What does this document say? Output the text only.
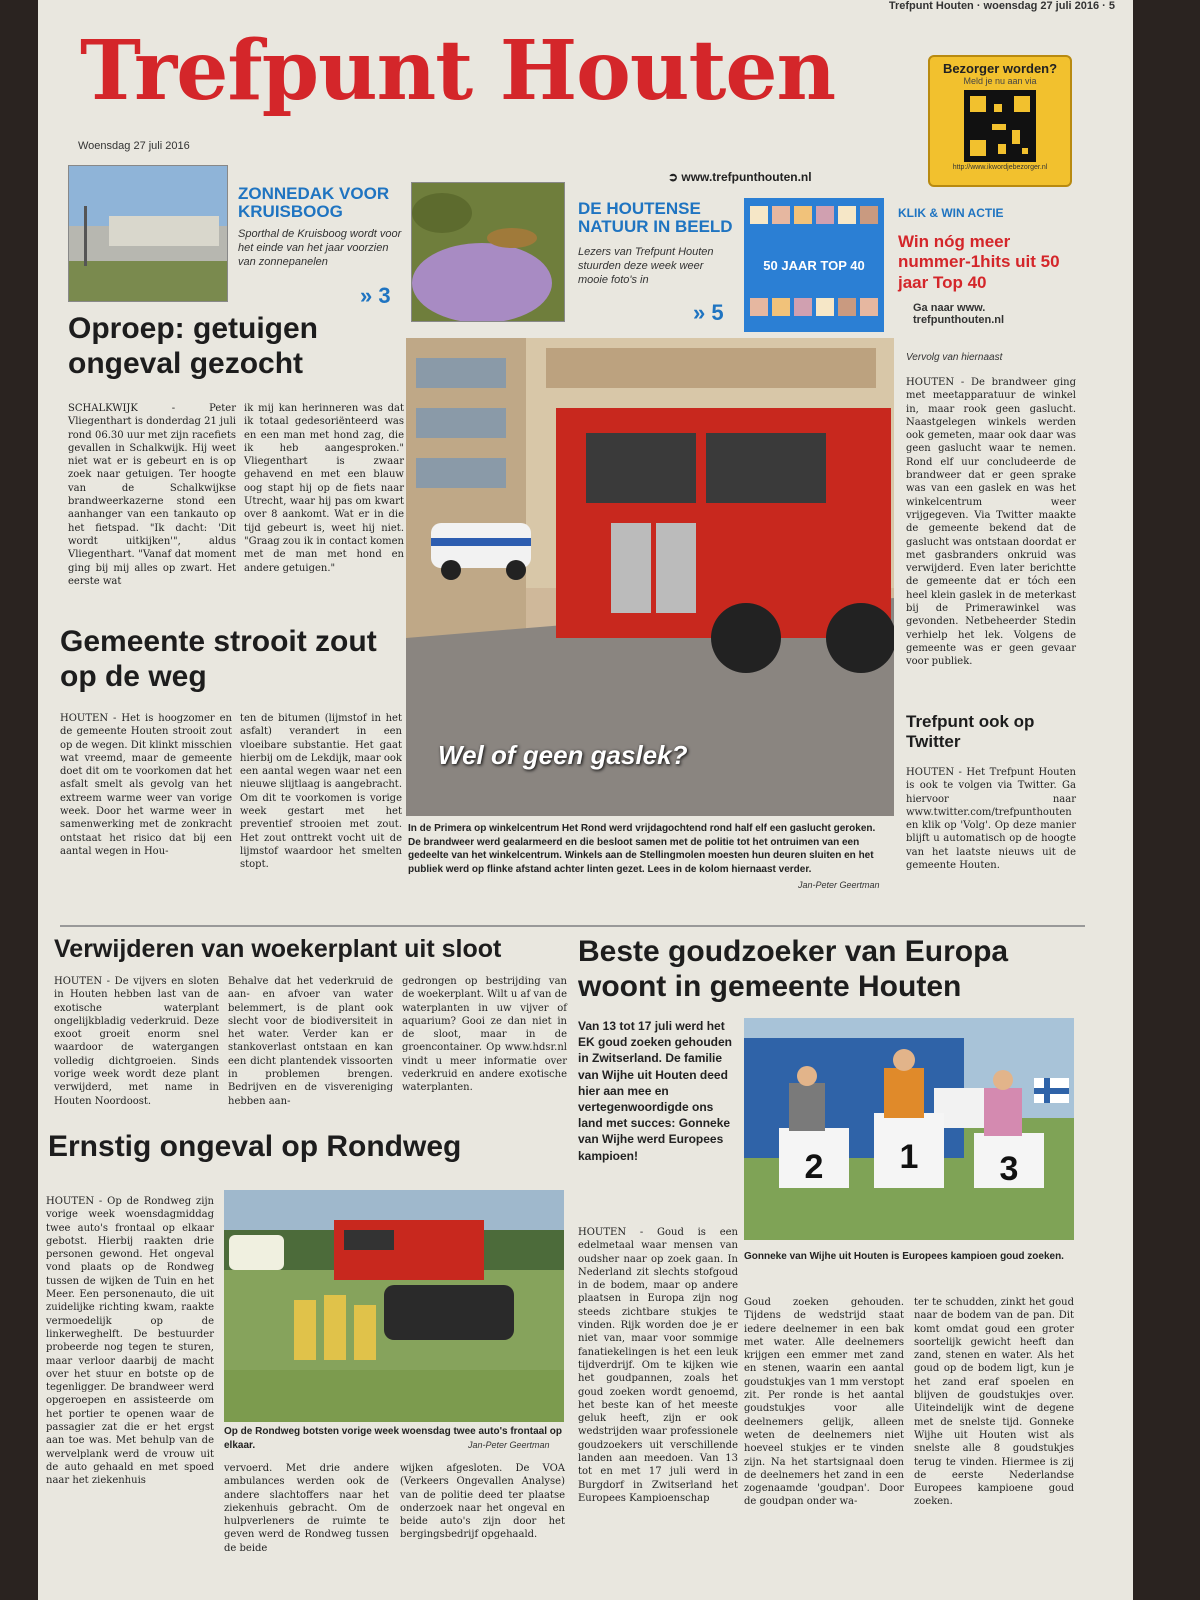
Trefpunt Houten · woensdag 27 juli 2016 · 5
Trefpunt Houten
Woensdag 27 juli 2016
➲ www.trefpunthouten.nl
Bezorger worden?
Meld je nu aan via
http://www.ikwordjebezorger.nl
ZONNEDAK VOOR KRUISBOOG
Sporthal de Kruisboog wordt voor het einde van het jaar voorzien van zonnepanelen
» 3
DE HOUTENSE NATUUR IN BEELD
Lezers van Trefpunt Houten stuurden deze week weer mooie foto's in
» 5
50 JAAR TOP 40
KLIK & WIN ACTIE
Win nóg meer nummer-1hits uit 50 jaar Top 40
Ga naar www. trefpunthouten.nl
Oproep: getuigen ongeval gezocht
SCHALKWIJK - Peter Vliegenthart is donderdag 21 juli rond 06.30 uur met zijn racefiets gevallen in Schalkwijk. Hij weet niet wat er is gebeurt en is op zoek naar getuigen. Ter hoogte van de Schalkwijkse brandweerkazerne stond een aanhanger van een tankauto op het fietspad. "Ik dacht: 'Dit wordt uitkijken'", aldus Vliegenthart. "Vanaf dat moment ging bij mij alles op zwart. Het eerste wat
ik mij kan herinneren was dat ik totaal gedesoriënteerd was en een man met hond zag, die ik heb aangesproken." Vliegenthart is zwaar gehavend en met een blauw oog stapt hij op de fiets naar Utrecht, waar hij pas om kwart over 8 aankomt. Wat er in die tijd gebeurt is, weet hij niet. "Graag zou ik in contact komen met de man met hond en andere getuigen."
Gemeente strooit zout op de weg
HOUTEN - Het is hoogzomer en de gemeente Houten strooit zout op de wegen. Dit klinkt misschien wat vreemd, maar de gemeente doet dit om te voorkomen dat het asfalt smelt als gevolg van het extreem warme weer van vorige week. Door het warme weer in samenwerking met de zonkracht ontstaat het risico dat bij een aantal wegen in Hou-
ten de bitumen (lijmstof in het asfalt) verandert in een vloeibare substantie. Het gaat hierbij om de Lekdijk, maar ook een aantal wegen waar net een nieuwe slijtlaag is aangebracht. Om dit te voorkomen is vorige week gestart met het preventief strooien met zout. Het zout onttrekt vocht uit de lijmstof waardoor het smelten stopt.
Wel of geen gaslek?
In de Primera op winkelcentrum Het Rond werd vrijdagochtend rond half elf een gaslucht geroken. De brandweer werd gealarmeerd en die besloot samen met de politie tot het ontruimen van een gedeelte van het winkelcentrum. Winkels aan de Stellingmolen moesten hun deuren sluiten en het publiek werd op flinke afstand achter linten gezet. Lees in de kolom hiernaast verder.
Jan-Peter Geertman
Vervolg van hiernaast
HOUTEN - De brandweer ging met meetapparatuur de winkel in, maar rook geen gaslucht. Naastgelegen winkels werden ook gemeten, maar ook daar was geen gaslucht waar te nemen. Rond elf uur concludeerde de brandweer dat er geen sprake was van een gaslek en was het winkelcentrum weer vrijgegeven. Via Twitter maakte de gemeente bekend dat de gaslucht was ontstaan doordat er met gasbranders onkruid was verwijderd. Even later berichtte de gemeente dat er tóch een heel klein gaslek in de meterkast bij de Primerawinkel was gevonden. Netbeheerder Stedin verhielp het lek. Volgens de gemeente was er geen gevaar voor publiek.
Trefpunt ook op Twitter
HOUTEN - Het Trefpunt Houten is ook te volgen via Twitter. Ga hiervoor naar www.twitter.com/trefpunthouten en klik op 'Volg'. Op deze manier blijft u automatisch op de hoogte van het laatste nieuws uit de gemeente Houten.
Verwijderen van woekerplant uit sloot
HOUTEN - De vijvers en sloten in Houten hebben last van de exotische waterplant ongelijkbladig vederkruid. Deze exoot groeit enorm snel waardoor de watergangen volledig dichtgroeien. Sinds vorige week wordt deze plant verwijderd, met name in Houten Noordoost.
Behalve dat het vederkruid de aan- en afvoer van water belemmert, is de plant ook slecht voor de biodiversiteit in het water. Verder kan er stankoverlast ontstaan en kan een dicht plantendek vissoorten in problemen brengen. Bedrijven en de visvereniging hebben aan-
gedrongen op bestrijding van de woekerplant. Wilt u af van de waterplanten in uw vijver of aquarium? Gooi ze dan niet in de sloot, maar in de groencontainer. Op www.hdsr.nl vindt u meer informatie over vederkruid en andere exotische waterplanten.
Ernstig ongeval op Rondweg
HOUTEN - Op de Rondweg zijn vorige week woensdagmiddag twee auto's frontaal op elkaar gebotst. Hierbij raakten drie personen gewond. Het ongeval vond plaats op de Rondweg tussen de wijken de Tuin en het Meer. Een personenauto, die uit zuidelijke richting kwam, raakte vermoedelijk op de linkerweghelft. De bestuurder probeerde nog tegen te sturen, maar verloor daarbij de macht over het stuur en botste op de tegenligger. De brandweer werd opgeroepen en assisteerde om het portier te openen waar de passagier zat die er het ergst aan toe was. Met behulp van de wervelplank werd de vrouw uit de auto gehaald en met spoed naar het ziekenhuis
Op de Rondweg botsten vorige week woensdag twee auto's frontaal op elkaar.	Jan-Peter Geertman
vervoerd. Met drie andere ambulances werden ook de andere slachtoffers naar het ziekenhuis gebracht. Om de hulpverleners de ruimte te geven werd de Rondweg tussen de beide
wijken afgesloten. De VOA (Verkeers Ongevallen Analyse) van de politie deed ter plaatse onderzoek naar het ongeval en beide auto's zijn door het bergingsbedrijf opgehaald.
Beste goudzoeker van Europa woont in gemeente Houten
Van 13 tot 17 juli werd het EK goud zoeken gehouden in Zwitserland. De familie van Wijhe uit Houten deed hier aan mee en vertegenwoordigde ons land met succes: Gonneke van Wijhe werd Europees kampioen!	2 1 3
Gonneke van Wijhe uit Houten is Europees kampioen goud zoeken.
HOUTEN - Goud is een edelmetaal waar mensen van oudsher naar op zoek gaan. In Nederland zit slechts stofgoud in de bodem, maar op andere plaatsen in Europa zijn nog steeds zichtbare stukjes te vinden. Rijk worden doe je er niet van, maar voor sommige fanatiekelingen is het een leuk tijdverdrijf. Om te kijken wie het goudpannen, zoals het goud zoeken wordt genoemd, het beste kan of het meeste geluk heeft, zijn er ook wedstrijden waar professionele goudzoekers uit verschillende landen aan meedoen. Van 13 tot en met 17 juli werd in Burgdorf in Zwitserland het Europees Kampioenschap
Goud zoeken gehouden. Tijdens de wedstrijd staat iedere deelnemer in een bak met water. Alle deelnemers krijgen een emmer met zand en stenen, waarin een aantal goudstukjes van 1 mm verstopt zit. Per ronde is het aantal goudstukjes voor alle deelnemers gelijk, alleen weten de deelnemers niet hoeveel stukjes er te vinden zijn. Na het startsignaal doen de deelnemers het zand in een zogenaamde 'goudpan'. Door de goudpan onder wa-
ter te schudden, zinkt het goud naar de bodem van de pan. Dit komt omdat goud een groter soortelijk gewicht heeft dan zand, stenen en water. Als het goud op de bodem ligt, kun je het zand eraf spoelen en blijven de goudstukjes over. Uiteindelijk wint de degene met de snelste tijd. Gonneke Wijhe uit Houten wist als snelste alle 8 goudstukjes terug te vinden. Hiermee is zij de eerste Nederlandse Europees kampioene goud zoeken.
